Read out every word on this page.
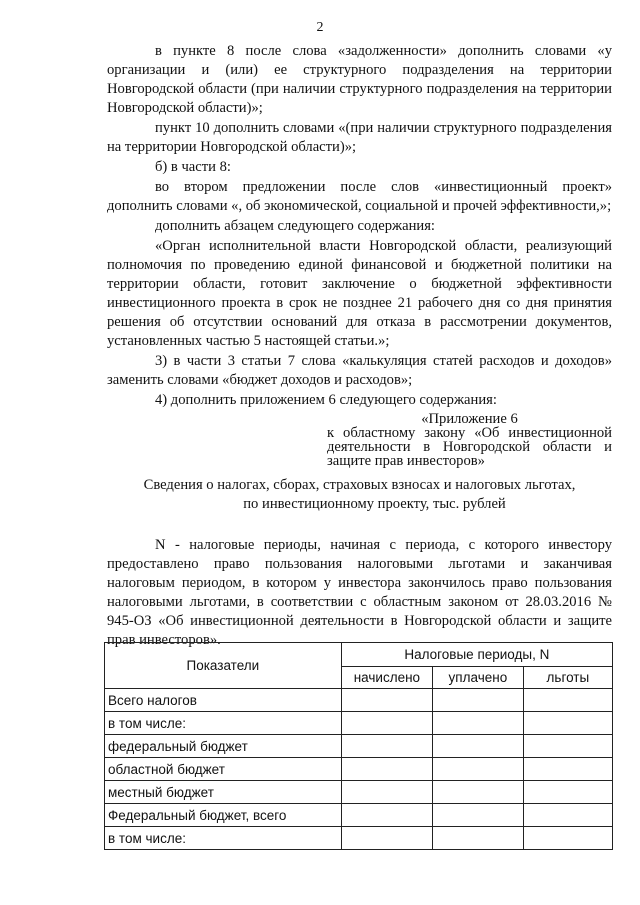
2

в пункте 8 после слова «задолженности» дополнить словами «у организации и (или) ее структурного подразделения на территории Новгородской области (при наличии структурного подразделения на территории Новгородской области)»;

пункт 10 дополнить словами «(при наличии структурного подразделения на территории Новгородской области)»;

б) в части 8:

во втором предложении после слов «инвестиционный проект» дополнить словами «, об экономической, социальной и прочей эффективности,»;

дополнить абзацем следующего содержания:

«Орган исполнительной власти Новгородской области, реализующий полномочия по проведению единой финансовой и бюджетной политики на территории области, готовит заключение о бюджетной эффективности инвестиционного проекта в срок не позднее 21 рабочего дня со дня принятия решения об отсутствии оснований для отказа в рассмотрении документов, установленных частью 5 настоящей статьи.»;

3) в части 3 статьи 7 слова «калькуляция статей расходов и доходов» заменить словами «бюджет доходов и расходов»;

4) дополнить приложением 6 следующего содержания:

«Приложение 6

к областному закону «Об инвестиционной деятельности в Новгородской области и защите прав инвесторов»

Сведения о налогах, сборах, страховых взносах и налоговых льготах,

по инвестиционному проекту, тыс. рублей

N - налоговые периоды, начиная с периода, с которого инвестору предоставлено право пользования налоговыми льготами и заканчивая налоговым периодом, в котором у инвестора закончилось право пользования налоговыми льготами, в соответствии с областным законом от 28.03.2016 № 945-ОЗ «Об инвестиционной деятельности в Новгородской области и защите прав инвесторов».

Показатели	Налоговые периоды, N		
	начислено	уплачено	льготы
Всего налогов			
в том числе:			
федеральный бюджет			
областной бюджет			
местный бюджет			
Федеральный бюджет, всего			
в том числе:			
